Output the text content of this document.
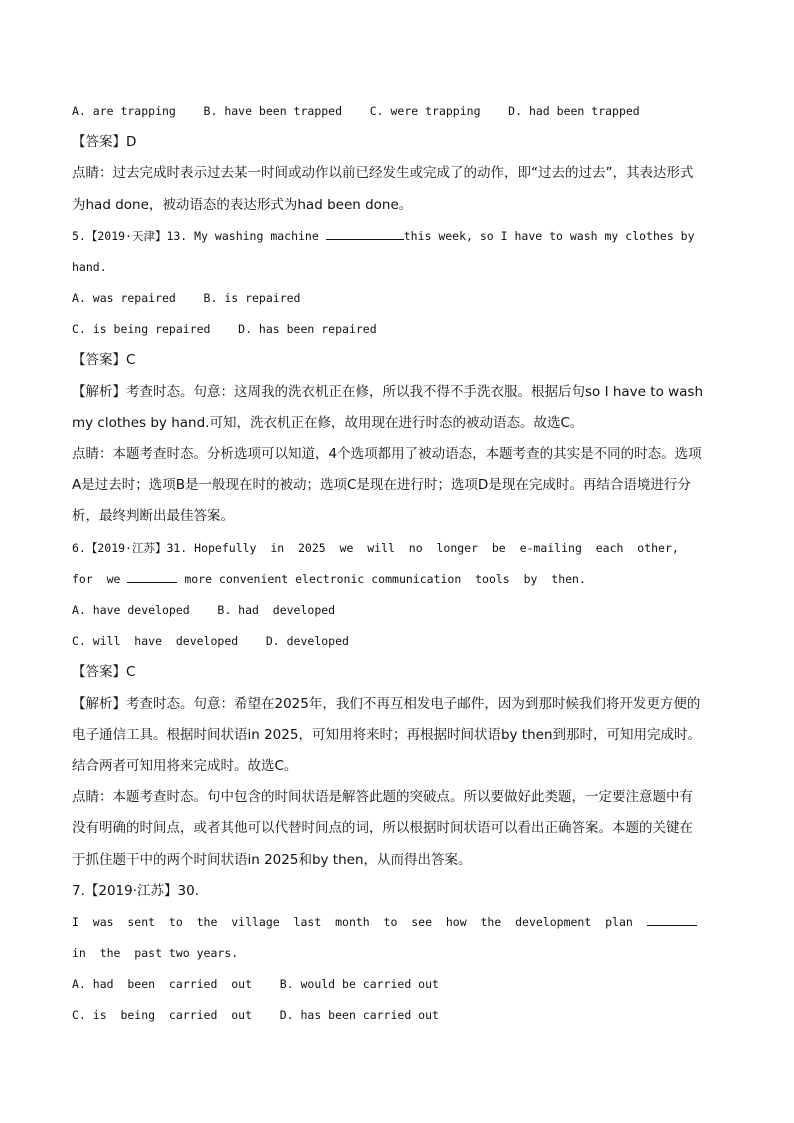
A. are trapping    B. have been trapped    C. were trapping    D. had been trapped
【答案】D
点睛：过去完成时表示过去某一时间或动作以前已经发生或完成了的动作，即“过去的过去”，其表达形式
为had done，被动语态的表达形式为had been done。
5.【2019·天津】13. My washing machine	this week, so I have to wash my clothes by
hand.
A. was repaired    B. is repaired
C. is being repaired    D. has been repaired
【答案】C
【解析】考查时态。句意：这周我的洗衣机正在修，所以我不得不手洗衣服。根据后句so I have to wash
my clothes by hand.可知，洗衣机正在修，故用现在进行时态的被动语态。故选C。
点睛：本题考查时态。分析选项可以知道，4个选项都用了被动语态，本题考查的其实是不同的时态。选项
A是过去时；选项B是一般现在时的被动；选项C是现在进行时；选项D是现在完成时。再结合语境进行分
析，最终判断出最佳答案。
6.【2019·江苏】31. Hopefully  in  2025  we  will  no  longer  be  e-mailing  each  other,
for  we	more convenient electronic communication  tools  by  then.
A. have developed    B. had  developed
C. will  have  developed    D. developed
【答案】C
【解析】考查时态。句意：希望在2025年，我们不再互相发电子邮件，因为到那时候我们将开发更方便的
电子通信工具。根据时间状语in 2025，可知用将来时；再根据时间状语by then到那时，可知用完成时。
结合两者可知用将来完成时。故选C。
点睛：本题考查时态。句中包含的时间状语是解答此题的突破点。所以要做好此类题，一定要注意题中有
没有明确的时间点，或者其他可以代替时间点的词，所以根据时间状语可以看出正确答案。本题的关键在
于抓住题干中的两个时间状语in 2025和by then，从而得出答案。
7.【2019·江苏】30.
I  was  sent  to  the  village  last  month  to  see  how  the  development  plan
in  the  past two years.
A. had  been  carried  out    B. would be carried out
C. is  being  carried  out    D. has been carried out
